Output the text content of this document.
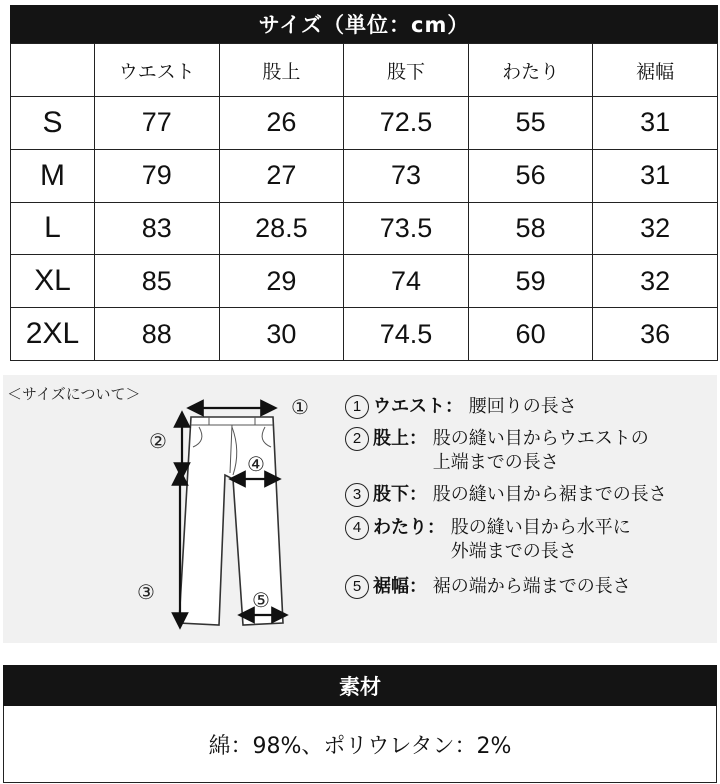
サイズ（単位：cm）
	ウエスト	股上	股下	わたり	裾幅
S	77	26	72.5	55	31
M	79	27	73	56	31
L	83	28.5	73.5	58	32
XL	85	29	74	59	32
2XL	88	30	74.5	60	36
＜サイズについて＞
①
②
③
④
⑤
1 ウエスト： 腰回りの長さ
2 股上： 股の縫い目からウエストの
上端までの長さ
3 股下： 股の縫い目から裾までの長さ
4 わたり： 股の縫い目から水平に
外端までの長さ
5 裾幅： 裾の端から端までの長さ
素材
綿：98%、ポリウレタン：2%
